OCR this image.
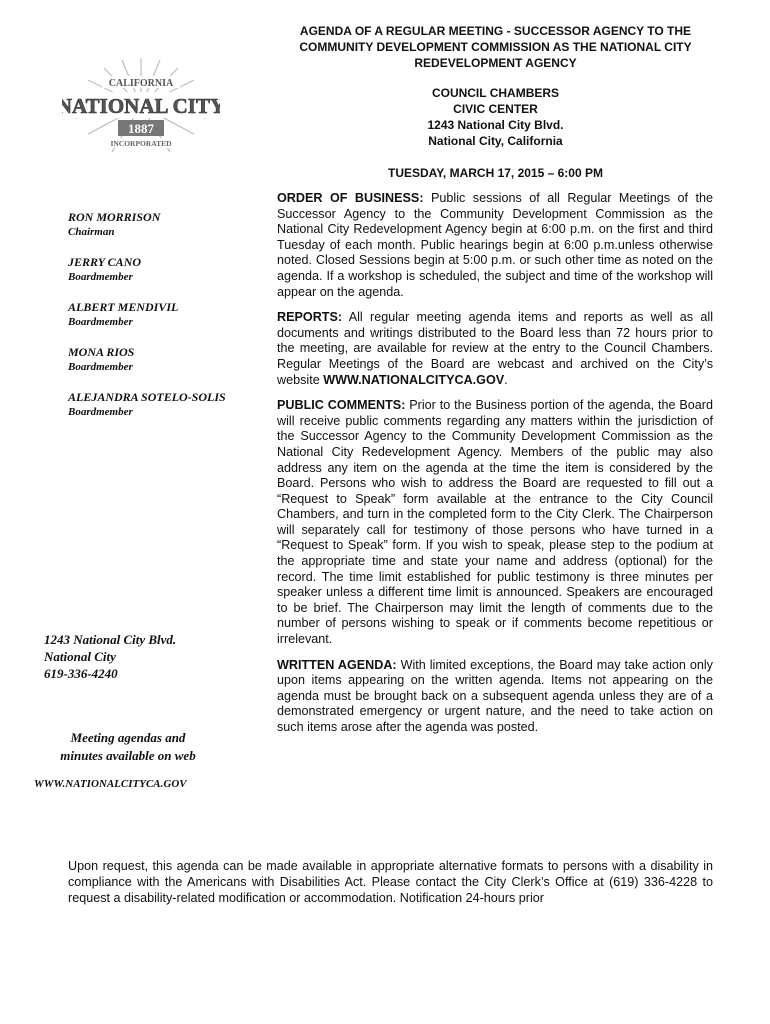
AGENDA OF A REGULAR MEETING - SUCCESSOR AGENCY TO THE
COMMUNITY DEVELOPMENT COMMISSION AS THE NATIONAL CITY
REDEVELOPMENT AGENCY
COUNCIL CHAMBERS
CIVIC CENTER
1243 National City Blvd.
National City, California
TUESDAY, MARCH 17, 2015 – 6:00 PM
CALIFORNIA
NATIONAL CITY
1887
INCORPORATED
RON MORRISON
Chairman
JERRY CANO
Boardmember
ALBERT MENDIVIL
Boardmember
MONA RIOS
Boardmember
ALEJANDRA SOTELO-SOLIS
Boardmember
1243 National City Blvd.
National City
619-336-4240
Meeting agendas and
minutes available on web
WWW.NATIONALCITYCA.GOV
ORDER OF BUSINESS: Public sessions of all Regular Meetings of the Successor Agency to the Community Development Commission as the National City Redevelopment Agency begin at 6:00 p.m. on the first and third Tuesday of each month. Public hearings begin at 6:00 p.m.unless otherwise noted. Closed Sessions begin at 5:00 p.m. or such other time as noted on the agenda. If a workshop is scheduled, the subject and time of the workshop will appear on the agenda.
REPORTS: All regular meeting agenda items and reports as well as all documents and writings distributed to the Board less than 72 hours prior to the meeting, are available for review at the entry to the Council Chambers. Regular Meetings of the Board are webcast and archived on the City’s website WWW.NATIONALCITYCA.GOV.
PUBLIC COMMENTS: Prior to the Business portion of the agenda, the Board will receive public comments regarding any matters within the jurisdiction of the Successor Agency to the Community Development Commission as the National City Redevelopment Agency. Members of the public may also address any item on the agenda at the time the item is considered by the Board. Persons who wish to address the Board are requested to fill out a “Request to Speak” form available at the entrance to the City Council Chambers, and turn in the completed form to the City Clerk. The Chairperson will separately call for testimony of those persons who have turned in a “Request to Speak” form. If you wish to speak, please step to the podium at the appropriate time and state your name and address (optional) for the record. The time limit established for public testimony is three minutes per speaker unless a different time limit is announced. Speakers are encouraged to be brief. The Chairperson may limit the length of comments due to the number of persons wishing to speak or if comments become repetitious or irrelevant.
WRITTEN AGENDA: With limited exceptions, the Board may take action only upon items appearing on the written agenda. Items not appearing on the agenda must be brought back on a subsequent agenda unless they are of a demonstrated emergency or urgent nature, and the need to take action on such items arose after the agenda was posted.
Upon request, this agenda can be made available in appropriate alternative formats to persons with a disability in compliance with the Americans with Disabilities Act. Please contact the City Clerk’s Office at (619) 336-4228 to request a disability-related modification or accommodation. Notification 24-hours prior
